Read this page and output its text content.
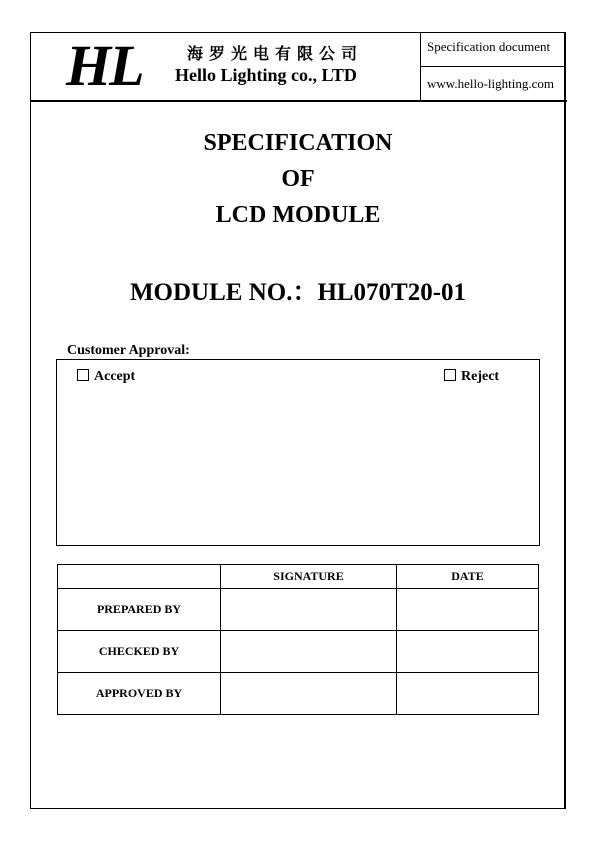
HL	海罗光电有限公司
Hello Lighting co., LTD
Specification document
www.hello-lighting.com
SPECIFICATION
OF
LCD MODULE
MODULE NO.：HL070T20-01
Customer Approval:
Accept	Reject
	SIGNATURE	DATE
PREPARED BY		
CHECKED BY		
APPROVED BY		
